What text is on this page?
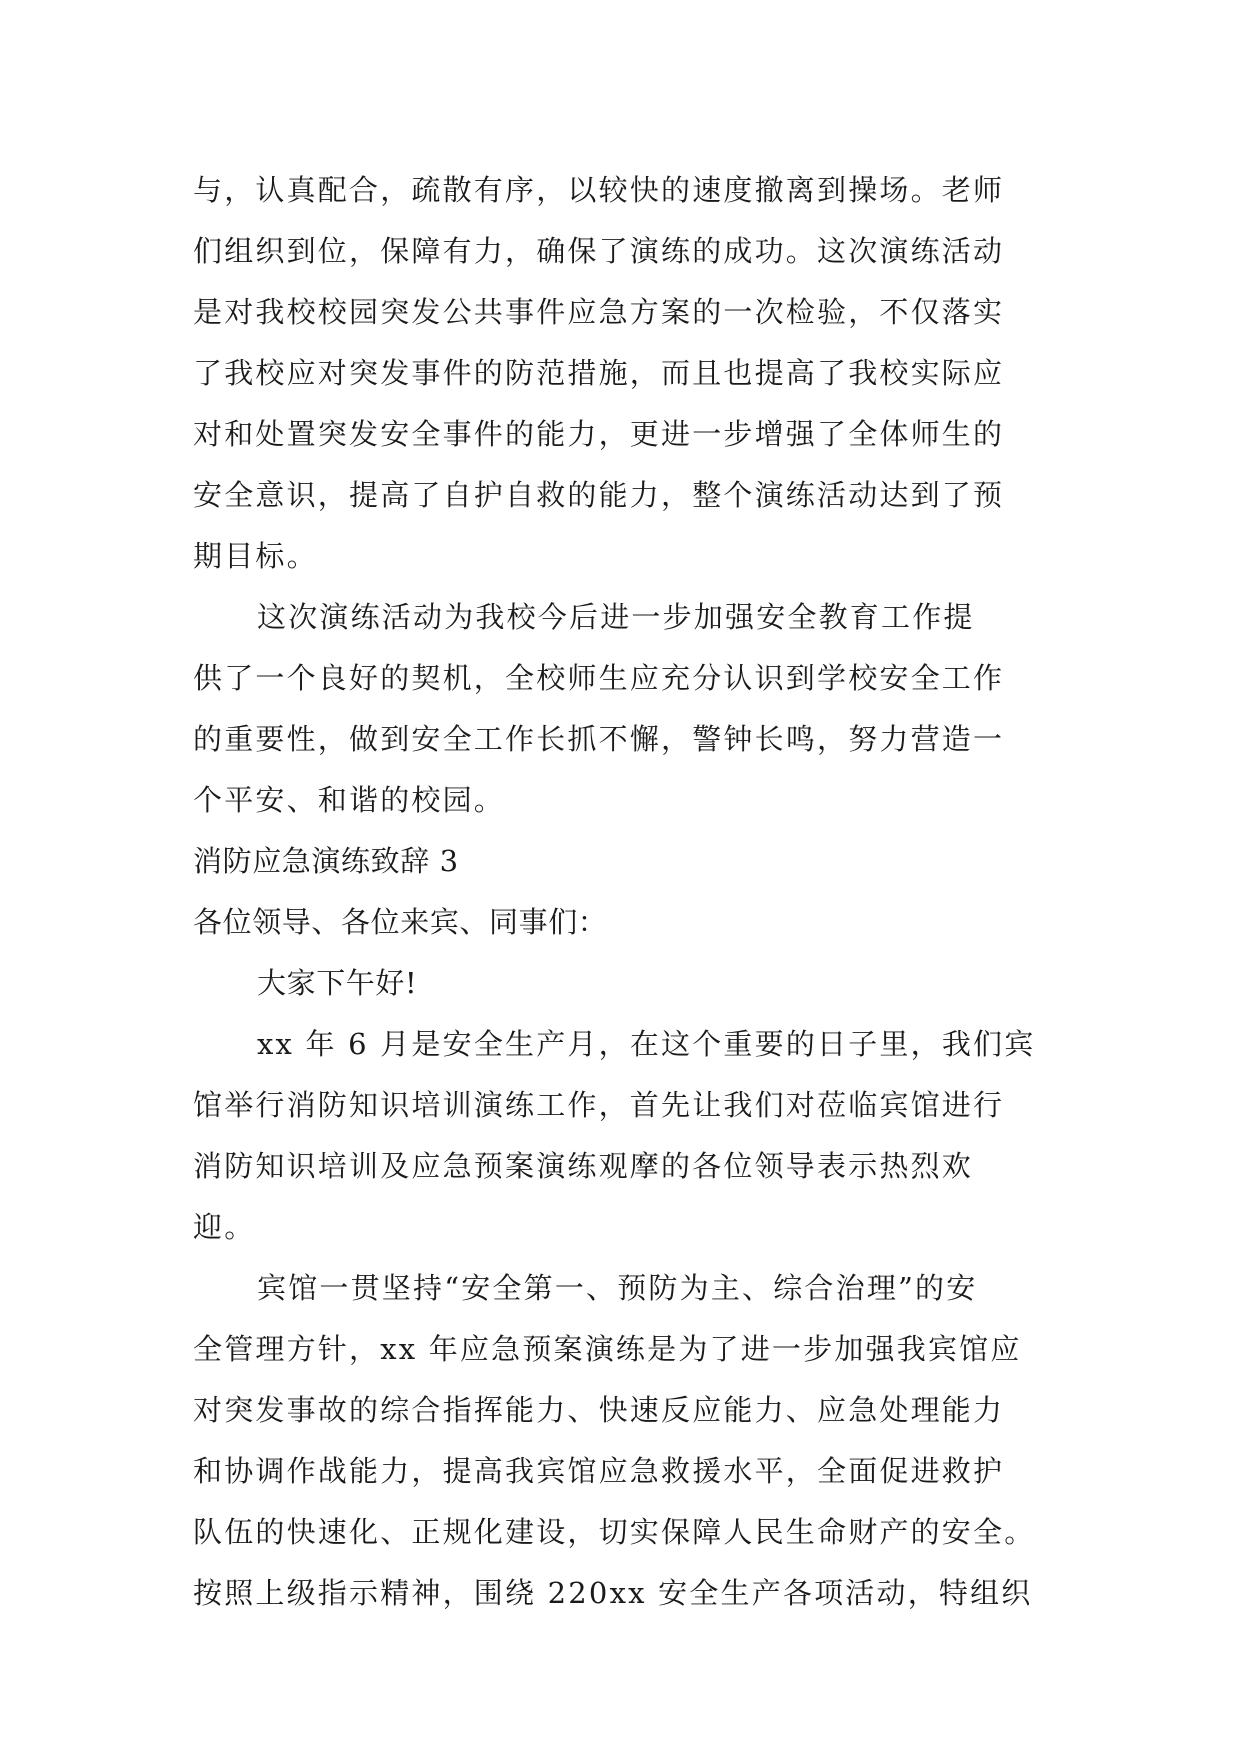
与，认真配合，疏散有序，以较快的速度撤离到操场。老师
们组织到位，保障有力，确保了演练的成功。这次演练活动
是对我校校园突发公共事件应急方案的一次检验，不仅落实
了我校应对突发事件的防范措施，而且也提高了我校实际应
对和处置突发安全事件的能力，更进一步增强了全体师生的
安全意识，提高了自护自救的能力，整个演练活动达到了预
期目标。
这次演练活动为我校今后进一步加强安全教育工作提
供了一个良好的契机，全校师生应充分认识到学校安全工作
的重要性，做到安全工作长抓不懈，警钟长鸣，努力营造一
个平安、和谐的校园。
消防应急演练致辞 3
各位领导、各位来宾、同事们：
大家下午好!
xx 年 6 月是安全生产月，在这个重要的日子里，我们宾
馆举行消防知识培训演练工作，首先让我们对莅临宾馆进行
消防知识培训及应急预案演练观摩的各位领导表示热烈欢
迎。
宾馆一贯坚持“安全第一、预防为主、综合治理”的安
全管理方针，xx 年应急预案演练是为了进一步加强我宾馆应
对突发事故的综合指挥能力、快速反应能力、应急处理能力
和协调作战能力，提高我宾馆应急救援水平，全面促进救护
队伍的快速化、正规化建设，切实保障人民生命财产的安全。
按照上级指示精神，围绕 220xx 安全生产各项活动，特组织
